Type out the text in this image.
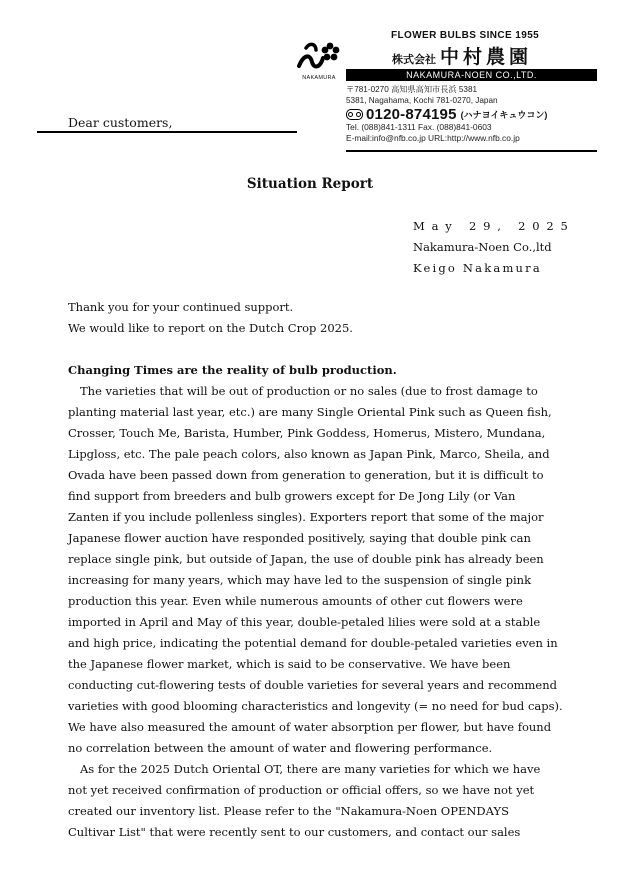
NAKAMURA
FLOWER BULBS SINCE 1955
株式会社 中村農園
NAKAMURA-NOEN CO.,LTD.
〒781-0270 高知県高知市長浜 5381
5381, Nagahama, Kochi 781-0270, Japan
0120-874195 (ハナヨイキュウコン)
Tel. (088)841-1311 Fax. (088)841-0603
E-mail:info@nfb.co.jp URL:http://www.nfb.co.jp
Dear customers,
Situation Report
May 29, 2025
Nakamura-Noen Co.,ltd
Keigo Nakamura

Thank you for your continued support.

We would like to report on the Dutch Crop 2025.

Changing Times are the reality of bulb production.

The varieties that will be out of production or no sales (due to frost damage to
planting material last year, etc.) are many Single Oriental Pink such as Queen fish,
Crosser, Touch Me, Barista, Humber, Pink Goddess, Homerus, Mistero, Mundana,
Lipgloss, etc. The pale peach colors, also known as Japan Pink, Marco, Sheila, and
Ovada have been passed down from generation to generation, but it is difficult to
find support from breeders and bulb growers except for De Jong Lily (or Van
Zanten if you include pollenless singles). Exporters report that some of the major
Japanese flower auction have responded positively, saying that double pink can
replace single pink, but outside of Japan, the use of double pink has already been
increasing for many years, which may have led to the suspension of single pink
production this year. Even while numerous amounts of other cut flowers were
imported in April and May of this year, double-petaled lilies were sold at a stable
and high price, indicating the potential demand for double-petaled varieties even in
the Japanese flower market, which is said to be conservative. We have been
conducting cut-flowering tests of double varieties for several years and recommend
varieties with good blooming characteristics and longevity (= no need for bud caps).
We have also measured the amount of water absorption per flower, but have found
no correlation between the amount of water and flowering performance.
As for the 2025 Dutch Oriental OT, there are many varieties for which we have
not yet received confirmation of production or official offers, so we have not yet
created our inventory list. Please refer to the "Nakamura-Noen OPENDAYS
Cultivar List" that were recently sent to our customers, and contact our sales
